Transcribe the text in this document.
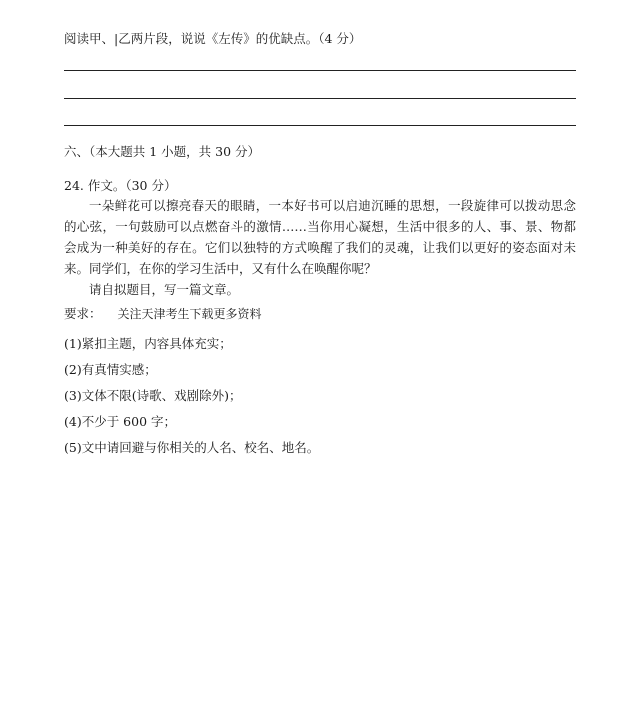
阅读甲、|乙两片段，说说《左传》的优缺点。（4 分）
六、（本大题共 1 小题，共 30 分）
24. 作文。（30 分）
一朵鲜花可以擦亮春天的眼睛，一本好书可以启迪沉睡的思想，一段旋律可以拨动思念的心弦，一句鼓励可以点燃奋斗的激情……当你用心凝想，生活中很多的人、事、景、物都会成为一种美好的存在。它们以独特的方式唤醒了我们的灵魂，让我们以更好的姿态面对未来。同学们，在你的学习生活中，又有什么在唤醒你呢？
请自拟题目，写一篇文章。
要求： 关注天津考生下载更多资料
(1)紧扣主题，内容具体充实；
(2)有真情实感；
(3)文体不限(诗歌、戏剧除外)；
(4)不少于 600 字；
(5)文中请回避与你相关的人名、校名、地名。
